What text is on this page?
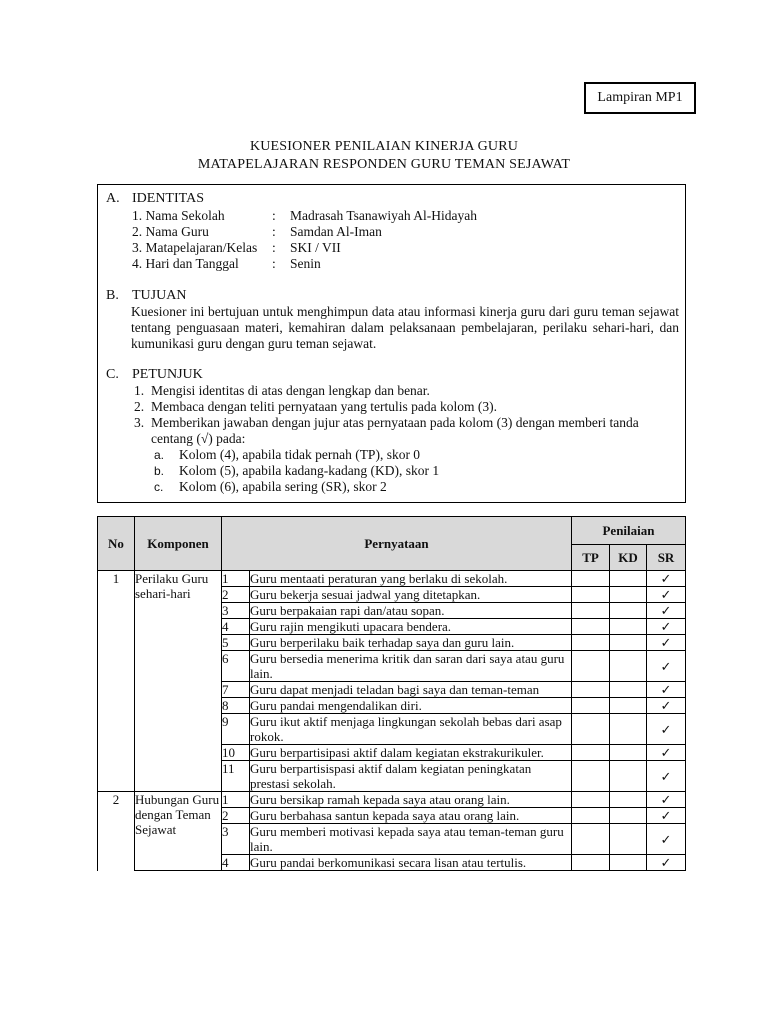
Lampiran MP1
KUESIONER PENILAIAN KINERJA GURU
MATAPELAJARAN RESPONDEN GURU TEMAN SEJAWAT
A. IDENTITAS
1. Nama Sekolah	: Madrasah Tsanawiyah Al-Hidayah
2. Nama Guru	: Samdan Al-Iman
3. Matapelajaran/Kelas : SKI / VII
4. Hari dan Tanggal : Senin
B. TUJUAN
Kuesioner ini bertujuan untuk menghimpun data atau informasi kinerja guru dari guru teman sejawat tentang penguasaan materi, kemahiran dalam pelaksanaan pembelajaran, perilaku sehari-hari, dan kumunikasi guru dengan guru teman sejawat.
C. PETUNJUK
1. Mengisi identitas di atas dengan lengkap dan benar.
2. Membaca dengan teliti pernyataan yang tertulis pada kolom (3).
3. Memberikan jawaban dengan jujur atas pernyataan pada kolom (3) dengan memberi tanda
centang (√) pada:
a. Kolom (4), apabila tidak pernah (TP), skor 0
b. Kolom (5), apabila kadang-kadang (KD), skor 1
c. Kolom (6), apabila sering (SR), skor 2
No	Komponen	Pernyataan		Penilaian		
				TP	KD	SR
1	Perilaku Guru sehari-hari	1	Guru mentaati peraturan yang berlaku di sekolah.			✓
		2	Guru bekerja sesuai jadwal yang ditetapkan.			✓
		3	Guru berpakaian rapi dan/atau sopan.			✓
		4	Guru rajin mengikuti upacara bendera.			✓
		5	Guru berperilaku baik terhadap saya dan guru lain.			✓
		6	Guru bersedia menerima kritik dan saran dari saya atau guru lain.			✓
		7	Guru dapat menjadi teladan bagi saya dan teman-teman			✓
		8	Guru pandai mengendalikan diri.			✓
		9	Guru ikut aktif menjaga lingkungan sekolah bebas dari asap rokok.			✓
		10	Guru berpartisipasi aktif dalam kegiatan ekstrakurikuler.			✓
		11	Guru berpartisispasi aktif dalam kegiatan peningkatan prestasi sekolah.			✓
2	Hubungan Guru dengan Teman Sejawat	1	Guru bersikap ramah kepada saya atau orang lain.			✓
		2	Guru berbahasa santun kepada saya atau orang lain.			✓
		3	Guru memberi motivasi kepada saya atau teman-teman guru lain.			✓
		4	Guru pandai berkomunikasi secara lisan atau tertulis.			✓
